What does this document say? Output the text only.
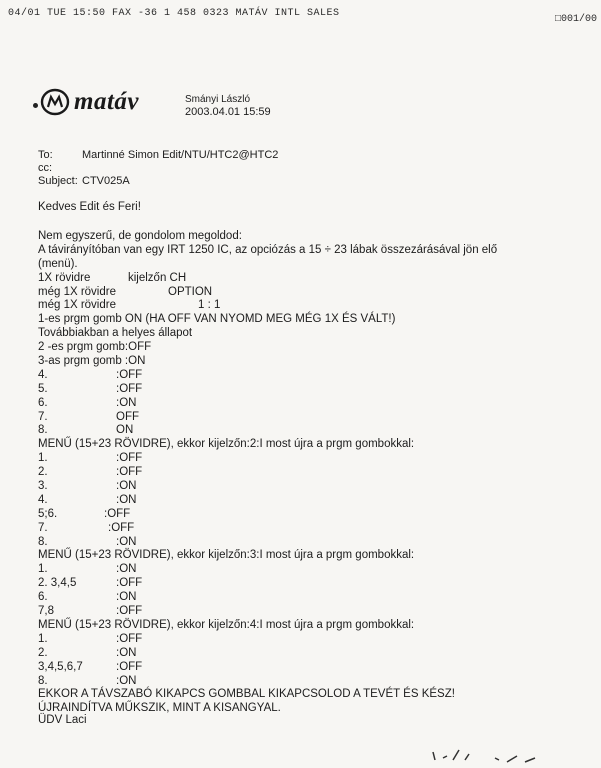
04/01 TUE 15:50 FAX -36 1 458 0323 MATÁV INTL SALES
□001/00
matáv	Smányi László
2003.04.01 15:59
To:	Martinné Simon Edit/NTU/HTC2@HTC2
cc:
Subject: CTV025A

Kedves Edit és Feri!

Nem egyszerű, de gondolom megoldod:
A távirányítóban van egy IRT 1250 IC, az opciózás a 15 ÷ 23 lábak összezárásával jön elő
(menü).
1X rövidre	kijelzőn CH
még 1X rövidre	OPTION
még 1X rövidre	1 : 1
1-es prgm gomb ON (HA OFF VAN NYOMD MEG MÉG 1X ÉS VÁLT!)
Továbbiakban a helyes állapot
2 -es prgm gomb:OFF
3-as prgm gomb :ON
4.	:OFF
5.	:OFF
6.	:ON
7.	OFF
8.	ON
MENŰ (15+23 RÖVIDRE), ekkor kijelzőn:2:I most újra a prgm gombokkal:
1.	:OFF
2.	:OFF
3.	:ON
4.	:ON
5;6.	:OFF
7.	:OFF
8.	:ON
MENŰ (15+23 RÖVIDRE), ekkor kijelzőn:3:I most újra a prgm gombokkal:
1.	:ON
2. 3,4,5	:OFF
6.	:ON
7,8	:OFF
MENŰ (15+23 RÖVIDRE), ekkor kijelzőn:4:I most újra a prgm gombokkal:
1.	:OFF
2.	:ON
3,4,5,6,7	:OFF
8.	:ON
EKKOR A TÁVSZABÓ KIKAPCS GOMBBAL KIKAPCSOLOD A TEVÉT ÉS KÉSZ!
ÚJRAINDÍTVA MŰKSZIK, MINT A KISANGYAL.
ÜDV Laci
